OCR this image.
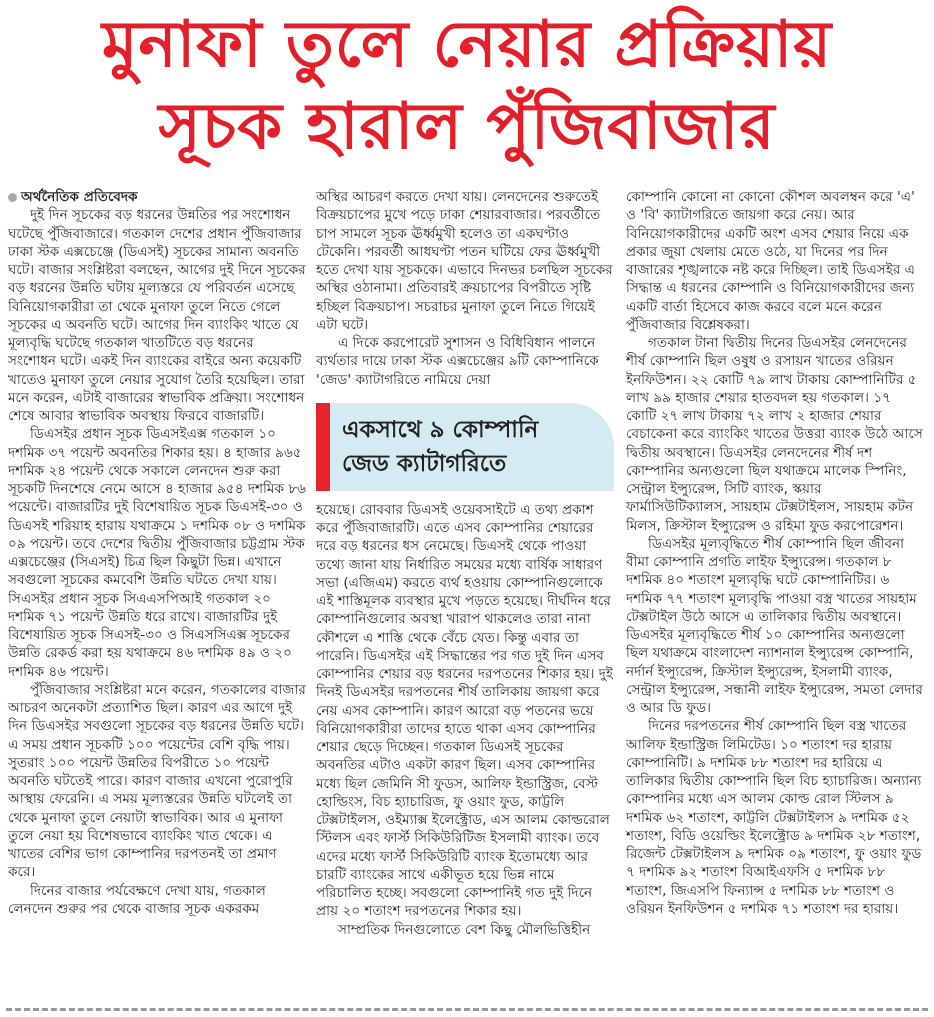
মুনাফা তুলে নেয়ার প্রক্রিয়ায়
সূচক হারাল পুঁজিবাজার
অর্থনৈতিক প্রতিবেদক

দুই দিন সূচকের বড় ধরনের উন্নতির পর সংশোধন ঘটেছে পুঁজিবাজারে। গতকাল দেশের প্রধান পুঁজিবাজার ঢাকা স্টক এক্সচেঞ্জে (ডিএসই) সূচকের সামান্য অবনতি ঘটে। বাজার সংশ্লিষ্টরা বলছেন, আগের দুই দিনে সূচকের বড় ধরনের উন্নতি ঘটায় মূল্যস্তরে যে পরিবর্তন এসেছে বিনিয়োগকারীরা তা থেকে মুনাফা তুলে নিতে গেলে সূচকের এ অবনতি ঘটে। আগের দিন ব্যাংকিং খাতে যে মূল্যবৃদ্ধি ঘটেছে গতকাল খাতটিতে বড় ধরনের সংশোধন ঘটে। একই দিন ব্যাংকের বাইরে অন্য কয়েকটি খাতেও মুনাফা তুলে নেয়ার সুযোগ তৈরি হয়েছিল। তারা মনে করেন, এটাই বাজারের স্বাভাবিক প্রক্রিয়া। সংশোধন শেষে আবার স্বাভাবিক অবস্থায় ফিরবে বাজারটি।

ডিএসইর প্রধান সূচক ডিএসইএক্স গতকাল ১০ দশমিক ৩৭ পয়েন্ট অবনতির শিকার হয়। ৪ হাজার ৯৬৫ দশমিক ২৪ পয়েন্ট থেকে সকালে লেনদেন শুরু করা সূচকটি দিনশেষে নেমে আসে ৪ হাজার ৯৫৪ দশমিক ৮৬ পয়েন্টে। বাজারটির দুই বিশেষায়িত সূচক ডিএসই-৩০ ও ডিএসই শরিয়াহ হারায় যথাক্রমে ১ দশমিক ০৮ ও দশমিক ০৯ পয়েন্ট। তবে দেশের দ্বিতীয় পুঁজিবাজার চট্টগ্রাম স্টক এক্সচেঞ্জের (সিএসই) চিত্র ছিল কিছুটা ভিন্ন। এখানে সবগুলো সূচকের কমবেশি উন্নতি ঘটতে দেখা যায়। সিএসইর প্রধান সূচক সিএএসপিআই গতকাল ২০ দশমিক ৭১ পয়েন্ট উন্নতি ধরে রাখে। বাজারটির দুই বিশেষায়িত সূচক সিএসই-৩০ ও সিএসসিএক্স সূচকের উন্নতি রেকর্ড করা হয় যথাক্রমে ৪৬ দশমিক ৪৯ ও ২০ দশমিক ৪৬ পয়েন্ট।

পুঁজিবাজার সংশ্লিষ্টরা মনে করেন, গতকালের বাজার আচরণ অনেকটা প্রত্যাশিত ছিল। কারণ এর আগে দুই দিন ডিএসইর সবগুলো সূচকের বড় ধরনের উন্নতি ঘটে। এ সময় প্রধান সূচকটি ১০০ পয়েন্টের বেশি বৃদ্ধি পায়। সুতরাং ১০০ পয়েন্ট উন্নতির বিপরীতে ১০ পয়েন্ট অবনতি ঘটতেই পারে। কারণ বাজার এখনো পুরোপুরি আস্থায় ফেরেনি। এ সময় মূল্যস্তরের উন্নতি ঘটলেই তা থেকে মুনাফা তুলে নেয়াটা স্বাভাবিক। আর এ মুনাফা তুলে নেয়া হয় বিশেষভাবে ব্যাংকিং খাত থেকে। এ খাতের বেশির ভাগ কোম্পানির দরপতনই তা প্রমাণ করে।

দিনের বাজার পর্যবেক্ষণে দেখা যায়, গতকাল লেনদেন শুরুর পর থেকে বাজার সূচক একরকম

অস্থির আচরণ করতে দেখা যায়। লেনদেনের শুরুতেই বিক্রয়চাপের মুখে পড়ে ঢাকা শেয়ারবাজার। পরবর্তীতে চাপ সামলে সূচক ঊর্ধ্বমুখী হলেও তা একঘণ্টাও টেকেনি। পরবর্তী আধঘণ্টা পতন ঘটিয়ে ফের ঊর্ধ্বমুখী হতে দেখা যায় সূচককে। এভাবে দিনভর চলছিল সূচকের অস্থির ওঠানামা। প্রতিবারই ক্রয়চাপের বিপরীতে সৃষ্টি হচ্ছিল বিক্রয়চাপ। সচরাচর মুনাফা তুলে নিতে গিয়েই এটা ঘটে।

এ দিকে করপোরেট সুশাসন ও বিধিবিধান পালনে ব্যর্থতার দায়ে ঢাকা স্টক এক্সচেঞ্জের ৯টি কোম্পানিকে 'জেড' ক্যাটাগরিতে নামিয়ে দেয়া

একসাথে ৯ কোম্পানি
জেড ক্যাটাগরিতে

হয়েছে। রোববার ডিএসই ওয়েবসাইটে এ তথ্য প্রকাশ করে পুঁজিবাজারটি। এতে এসব কোম্পানির শেয়ারের দরে বড় ধরনের ধস নেমেছে। ডিএসই থেকে পাওয়া তথ্যে জানা যায় নির্ধারিত সময়ের মধ্যে বার্ষিক সাধারণ সভা (এজিএম) করতে ব্যর্থ হওয়ায় কোম্পানিগুলোকে এই শাস্তিমূলক ব্যবস্থার মুখে পড়তে হয়েছে। দীর্ঘদিন ধরে কোম্পানিগুলোর অবস্থা খারাপ থাকলেও তারা নানা কৌশলে এ শাস্তি থেকে বেঁচে যেত। কিন্তু এবার তা পারেনি। ডিএসইর এই সিদ্ধান্তের পর গত দুই দিন এসব কোম্পানির শেয়ার বড় ধরনের দরপতনের শিকার হয়। দুই দিনই ডিএসইর দরপতনের শীর্ষ তালিকায় জায়গা করে নেয় এসব কোম্পানি। কারণ আরো বড় পতনের ভয়ে বিনিয়োগকারীরা তাদের হাতে থাকা এসব কোম্পানির শেয়ার ছেড়ে দিচ্ছেন। গতকাল ডিএসই সূচকের অবনতির এটাও একটা কারণ ছিল। এসব কোম্পানির মধ্যে ছিল জেমিনি সী ফুডস, আলিফ ইন্ডাস্ট্রিজ, বেস্ট হোল্ডিংস, বিচ হ্যাচারিজ, ফু ওয়াং ফুড, কাট্টলি টেক্সটাইলস, ওইম্যাক্স ইলেক্ট্রোড, এস আলম কোল্ডরোল স্টিলস এবং ফার্স্ট সিকিউরিটিজ ইসলামী ব্যাংক। তবে এদের মধ্যে ফার্স্ট সিকিউরিটি ব্যাংক ইতোমধ্যে আর চারটি ব্যাংকের সাথে একীভূত হয়ে ভিন্ন নামে পরিচালিত হচ্ছে। সবগুলো কোম্পানিই গত দুই দিনে প্রায় ২০ শতাংশ দরপতনের শিকার হয়।

সাম্প্রতিক দিনগুলোতে বেশ কিছু মৌলভিত্তিহীন

কোম্পানি কোনো না কোনো কৌশল অবলম্বন করে 'এ' ও 'বি' ক্যাটাগরিতে জায়গা করে নেয়। আর বিনিয়োগকারীদের একটি অংশ এসব শেয়ার নিয়ে এক প্রকার জুয়া খেলায় মেতে ওঠে, যা দিনের পর দিন বাজারের শৃঙ্খলাকে নষ্ট করে দিচ্ছিল। তাই ডিএসইর এ সিদ্ধান্ত এ ধরনের কোম্পানি ও বিনিয়োগকারীদের জন্য একটি বার্তা হিসেবে কাজ করবে বলে মনে করেন পুঁজিবাজার বিশ্লেষকরা।

গতকাল টানা দ্বিতীয় দিনের ডিএসইর লেনদেনের শীর্ষ কোম্পানি ছিল ওষুধ ও রসায়ন খাতের ওরিয়ন ইনফিউশন। ২২ কোটি ৭৯ লাখ টাকায় কোম্পানিটির ৫ লাখ ৯৯ হাজার শেয়ার হাতবদল হয় গতকাল। ১৭ কোটি ২৭ লাখ টাকায় ৭২ লাখ ২ হাজার শেয়ার বেচাকেনা করে ব্যাংকিং খাতের উত্তরা ব্যাংক উঠে আসে দ্বিতীয় অবস্থানে। ডিএসইর লেনদেনের শীর্ষ দশ কোম্পানির অন্যগুলো ছিল যথাক্রমে মালেক স্পিনিং, সেন্ট্রাল ইন্স্যুরেন্স, সিটি ব্যাংক, স্কয়ার ফার্মাসিউটিক্যালস, সায়হাম টেক্সটাইলস, সায়হাম কটন মিলস, ক্রিস্টাল ইন্স্যুরেন্স ও রহিমা ফুড করপোরেশন।

ডিএসইর মূল্যবৃদ্ধিতে শীর্ষ কোম্পানি ছিল জীবনা বীমা কোম্পানি প্রগতি লাইফ ইন্স্যুরেন্স। গতকাল ৮ দশমিক ৪০ শতাংশ মূল্যবৃদ্ধি ঘটে কোম্পানিটির। ৬ দশমিক ৭৭ শতাংশ মূল্যবৃদ্ধি পাওয়া বস্ত্র খাতের সায়হাম টেক্সটাইল উঠে আসে এ তালিকার দ্বিতীয় অবস্থানে। ডিএসইর মূল্যবৃদ্ধিতে শীর্ষ ১০ কোম্পানির অন্যগুলো ছিল যথাক্রমে বাংলাদেশ ন্যাশনাল ইন্স্যুরেন্স কোম্পানি, নর্দার্ন ইন্স্যুরেন্স, ক্রিস্টাল ইন্স্যুরেন্স, ইসলামী ব্যাংক, সেন্ট্রাল ইন্স্যুরেন্স, সন্ধানী লাইফ ইন্স্যুরেন্স, সমতা লেদার ও আর ডি ফুড।

দিনের দরপতনের শীর্ষ কোম্পানি ছিল বস্ত্র খাতের আলিফ ইন্ডাস্ট্রিজ লিমিটেড। ১০ শতাংশ দর হারায় কোম্পানিটি। ৯ দশমিক ৮৮ শতাংশ দর হারিয়ে এ তালিকার দ্বিতীয় কোম্পানি ছিল বিচ হ্যাচারিজ। অন্যান্য কোম্পানির মধ্যে এস আলম কোল্ড রোল স্টিলস ৯ দশমিক ৬২ শতাংশ, কাট্টলি টেক্সটাইলস ৯ দশমিক ৫২ শতাংশ, বিডি ওয়েল্ডিং ইলেক্ট্রোড ৯ দশমিক ২৮ শতাংশ, রিজেন্ট টেক্সটাইলস ৯ দশমিক ০৯ শতাংশ, ফু ওয়াং ফুড ৭ দশমিক ৯২ শতাংশ বিআইএফসি ৫ দশমিক ৮৮ শতাংশ, জিএসপি ফিন্যান্স ৫ দশমিক ৮৮ শতাংশ ও ওরিয়ন ইনফিউশন ৫ দশমিক ৭১ শতাংশ দর হারায়।
